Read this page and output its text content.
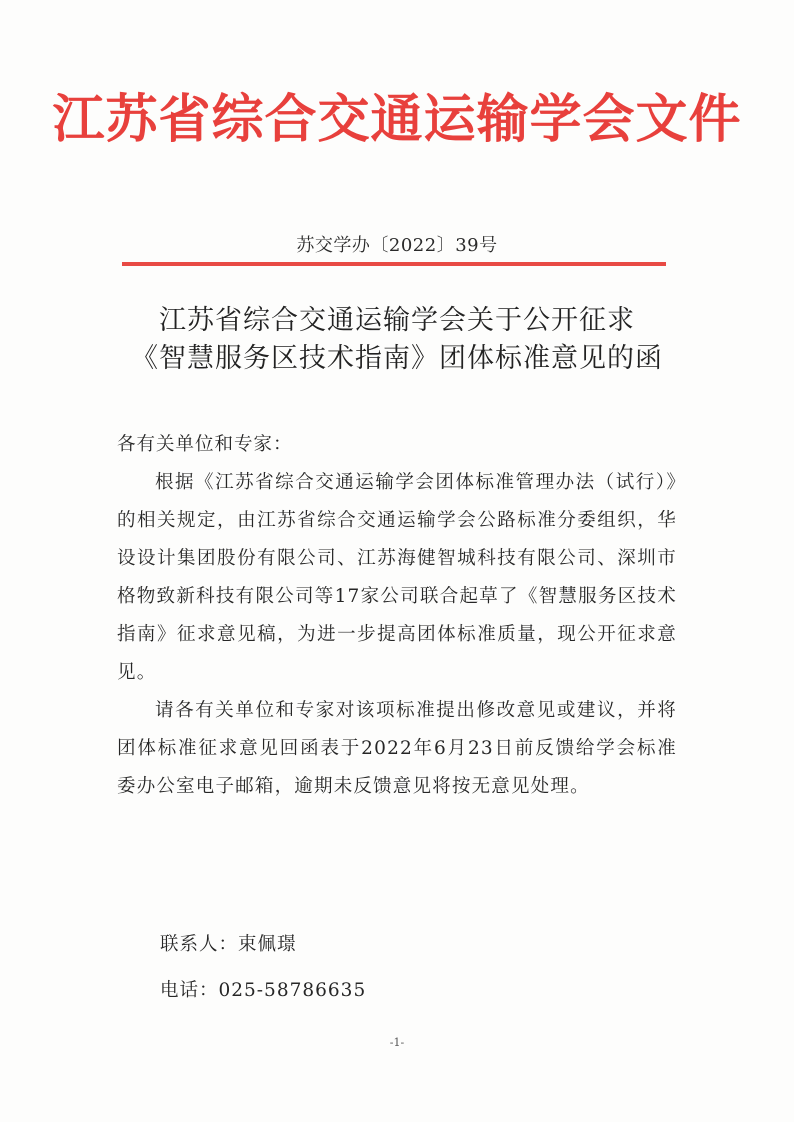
江苏省综合交通运输学会文件
苏交学办〔2022〕39号
江苏省综合交通运输学会关于公开征求
《智慧服务区技术指南》团体标准意见的函
各有关单位和专家：
根据《江苏省综合交通运输学会团体标准管理办法（试行）》的相关规定，由江苏省综合交通运输学会公路标准分委组织，华设设计集团股份有限公司、江苏海健智城科技有限公司、深圳市格物致新科技有限公司等17家公司联合起草了《智慧服务区技术指南》征求意见稿，为进一步提高团体标准质量，现公开征求意见。
请各有关单位和专家对该项标准提出修改意见或建议，并将团体标准征求意见回函表于2022年6月23日前反馈给学会标准委办公室电子邮箱，逾期未反馈意见将按无意见处理。
联系人：束佩璟
电话：025-58786635
-1-
